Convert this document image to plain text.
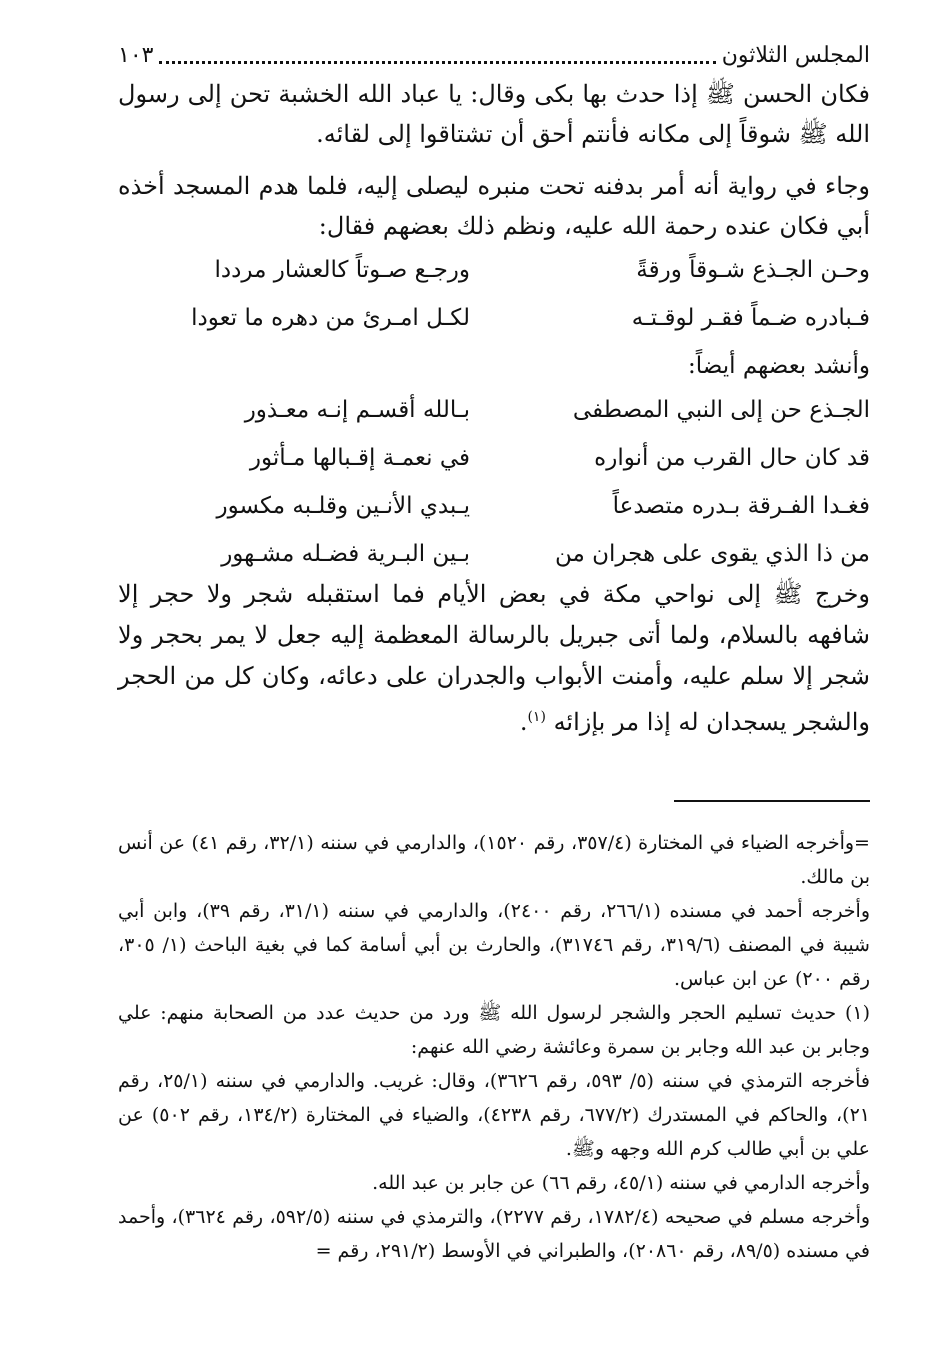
المجلس الثلاثون
١٠٣
فكان الحسن ﷺ إذا حدث بها بكى وقال: يا عباد الله الخشبة تحن إلى رسول الله ﷺ شوقاً إلى مكانه فأنتم أحق أن تشتاقوا إلى لقائه.
وجاء في رواية أنه أمر بدفنه تحت منبره ليصلى إليه، فلما هدم المسجد أخذه أبي فكان عنده رحمة الله عليه، ونظم ذلك بعضهم فقال:
وحـن الجـذع شـوقاً ورقةً
ورجـع صـوتاً كالعشار مرددا
فـبادره ضـماً فقـر لوقـتـه
لكـل امـرئ من دهره ما تعودا
وأنشد بعضهم أيضاً:
الجـذع حن إلى النبي المصطفى
بـالله أقسـم إنـه معـذور
قد كان حال القرب من أنواره
في نعمـة إقـبالها مـأثور
فغـدا الفـرقة بـدره متصدعاً
يـبدي الأنـين وقلـبه مكسور
من ذا الذي يقوى على هجران من
بـين البـرية فضـله مشـهور
وخرج ﷺ إلى نواحي مكة في بعض الأيام فما استقبله شجر ولا حجر إلا شافهه بالسلام، ولما أتى جبريل بالرسالة المعظمة إليه جعل لا يمر بحجر ولا شجر إلا سلم عليه، وأمنت الأبواب والجدران على دعائه، وكان كل من الحجر والشجر يسجدان له إذا مر بإزائه $^{(١)}$.

=وأخرجه الضياء في المختارة (٣٥٧/٤، رقم ١٥٢٠)، والدارمي في سننه (٣٢/١، رقم ٤١) عن أنس بن مالك.

وأخرجه أحمد في مسنده (٢٦٦/١، رقم ٢٤٠٠)، والدارمي في سننه (٣١/١، رقم ٣٩)، وابن أبي شيبة في المصنف (٣١٩/٦، رقم ٣١٧٤٦)، والحارث بن أبي أسامة كما في بغية الباحث (١/ ٣٠٥، رقم ٢٠٠) عن ابن عباس.

(١) حديث تسليم الحجر والشجر لرسول الله ﷺ ورد من حديث عدد من الصحابة منهم: علي وجابر بن عبد الله وجابر بن سمرة وعائشة رضي الله عنهم:

فأخرجه الترمذي في سننه (٥/ ٥٩٣، رقم ٣٦٢٦)، وقال: غريب. والدارمي في سننه (٢٥/١، رقم ٢١)، والحاكم في المستدرك (٦٧٧/٢، رقم ٤٢٣٨)، والضياء في المختارة (١٣٤/٢، رقم ٥٠٢) عن علي بن أبي طالب كرم الله وجهه وﷺ.

وأخرجه الدارمي في سننه (٤٥/١، رقم ٦٦) عن جابر بن عبد الله.

وأخرجه مسلم في صحيحه (١٧٨٢/٤، رقم ٢٢٧٧)، والترمذي في سننه (٥٩٢/٥، رقم ٣٦٢٤)، وأحمد في مسنده (٨٩/٥، رقم ٢٠٨٦٠)، والطبراني في الأوسط (٢٩١/٢، رقم =
